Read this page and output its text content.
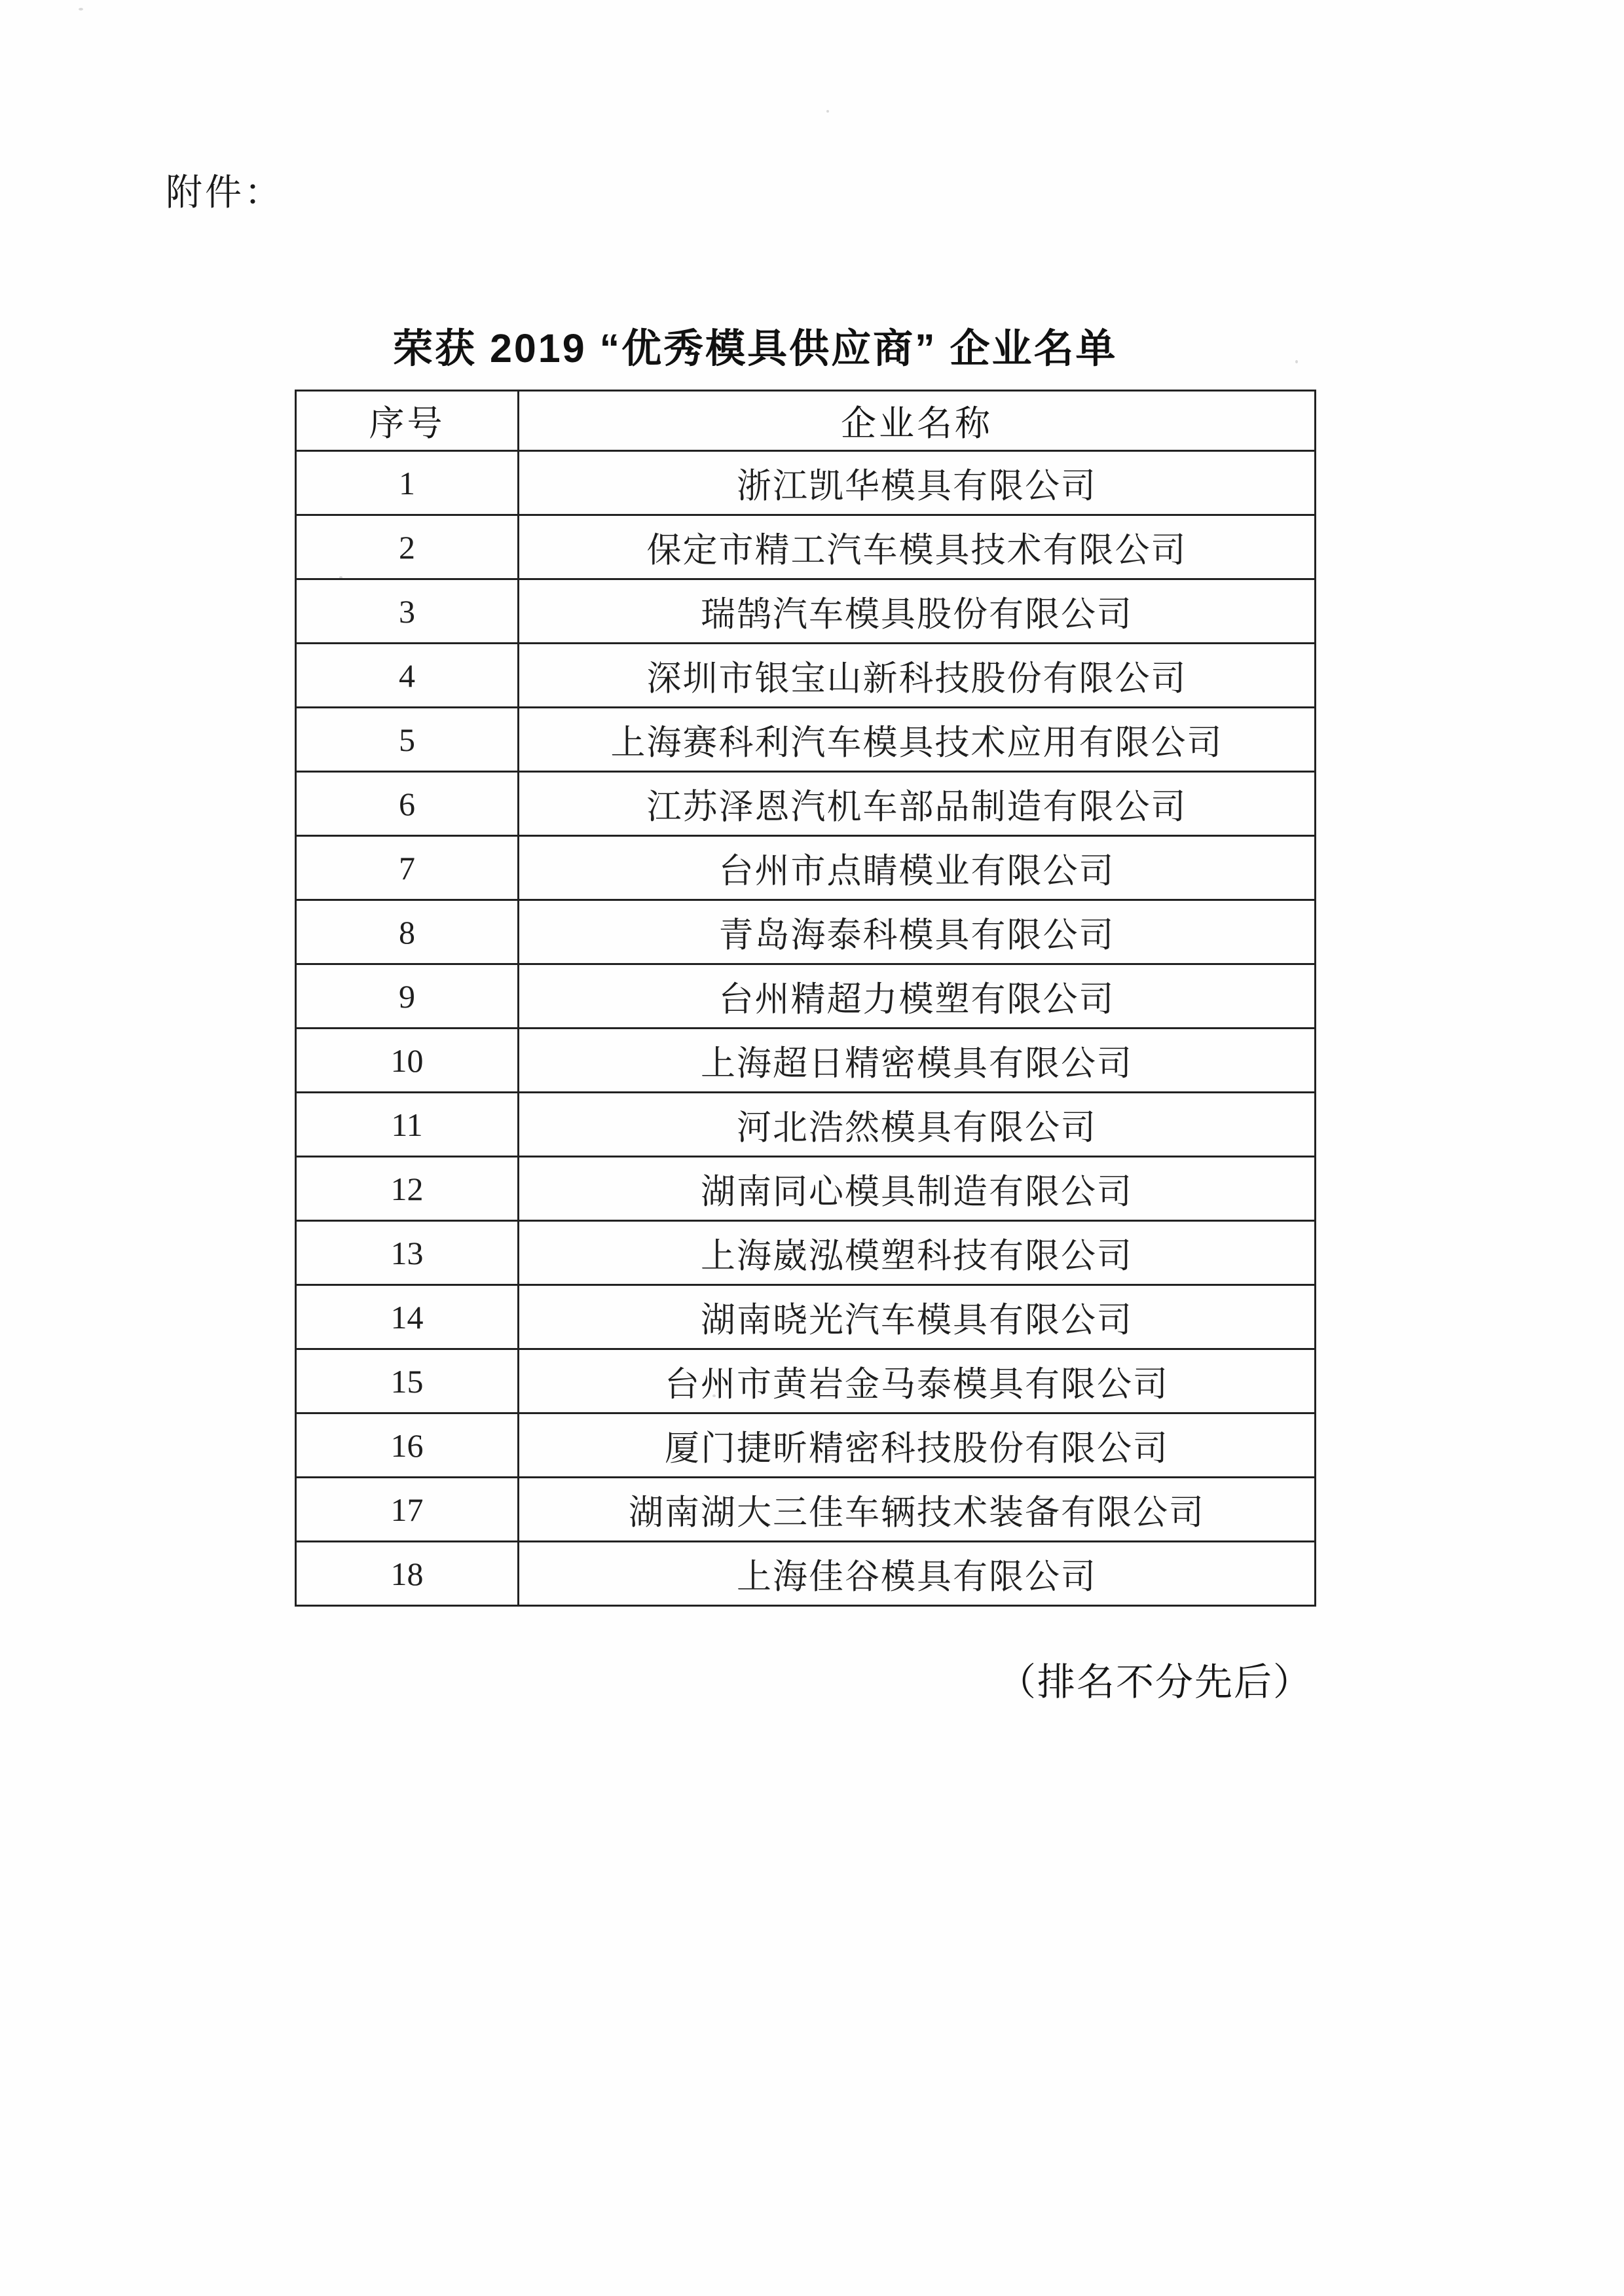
附件：
荣获 2019 “优秀模具供应商” 企业名单
序号	企业名称
1	浙江凯华模具有限公司
2	保定市精工汽车模具技术有限公司
3	瑞鹄汽车模具股份有限公司
4	深圳市银宝山新科技股份有限公司
5	上海赛科利汽车模具技术应用有限公司
6	江苏泽恩汽机车部品制造有限公司
7	台州市点睛模业有限公司
8	青岛海泰科模具有限公司
9	台州精超力模塑有限公司
10	上海超日精密模具有限公司
11	河北浩然模具有限公司
12	湖南同心模具制造有限公司
13	上海崴泓模塑科技有限公司
14	湖南晓光汽车模具有限公司
15	台州市黄岩金马泰模具有限公司
16	厦门捷昕精密科技股份有限公司
17	湖南湖大三佳车辆技术装备有限公司
18	上海佳谷模具有限公司
（排名不分先后）
